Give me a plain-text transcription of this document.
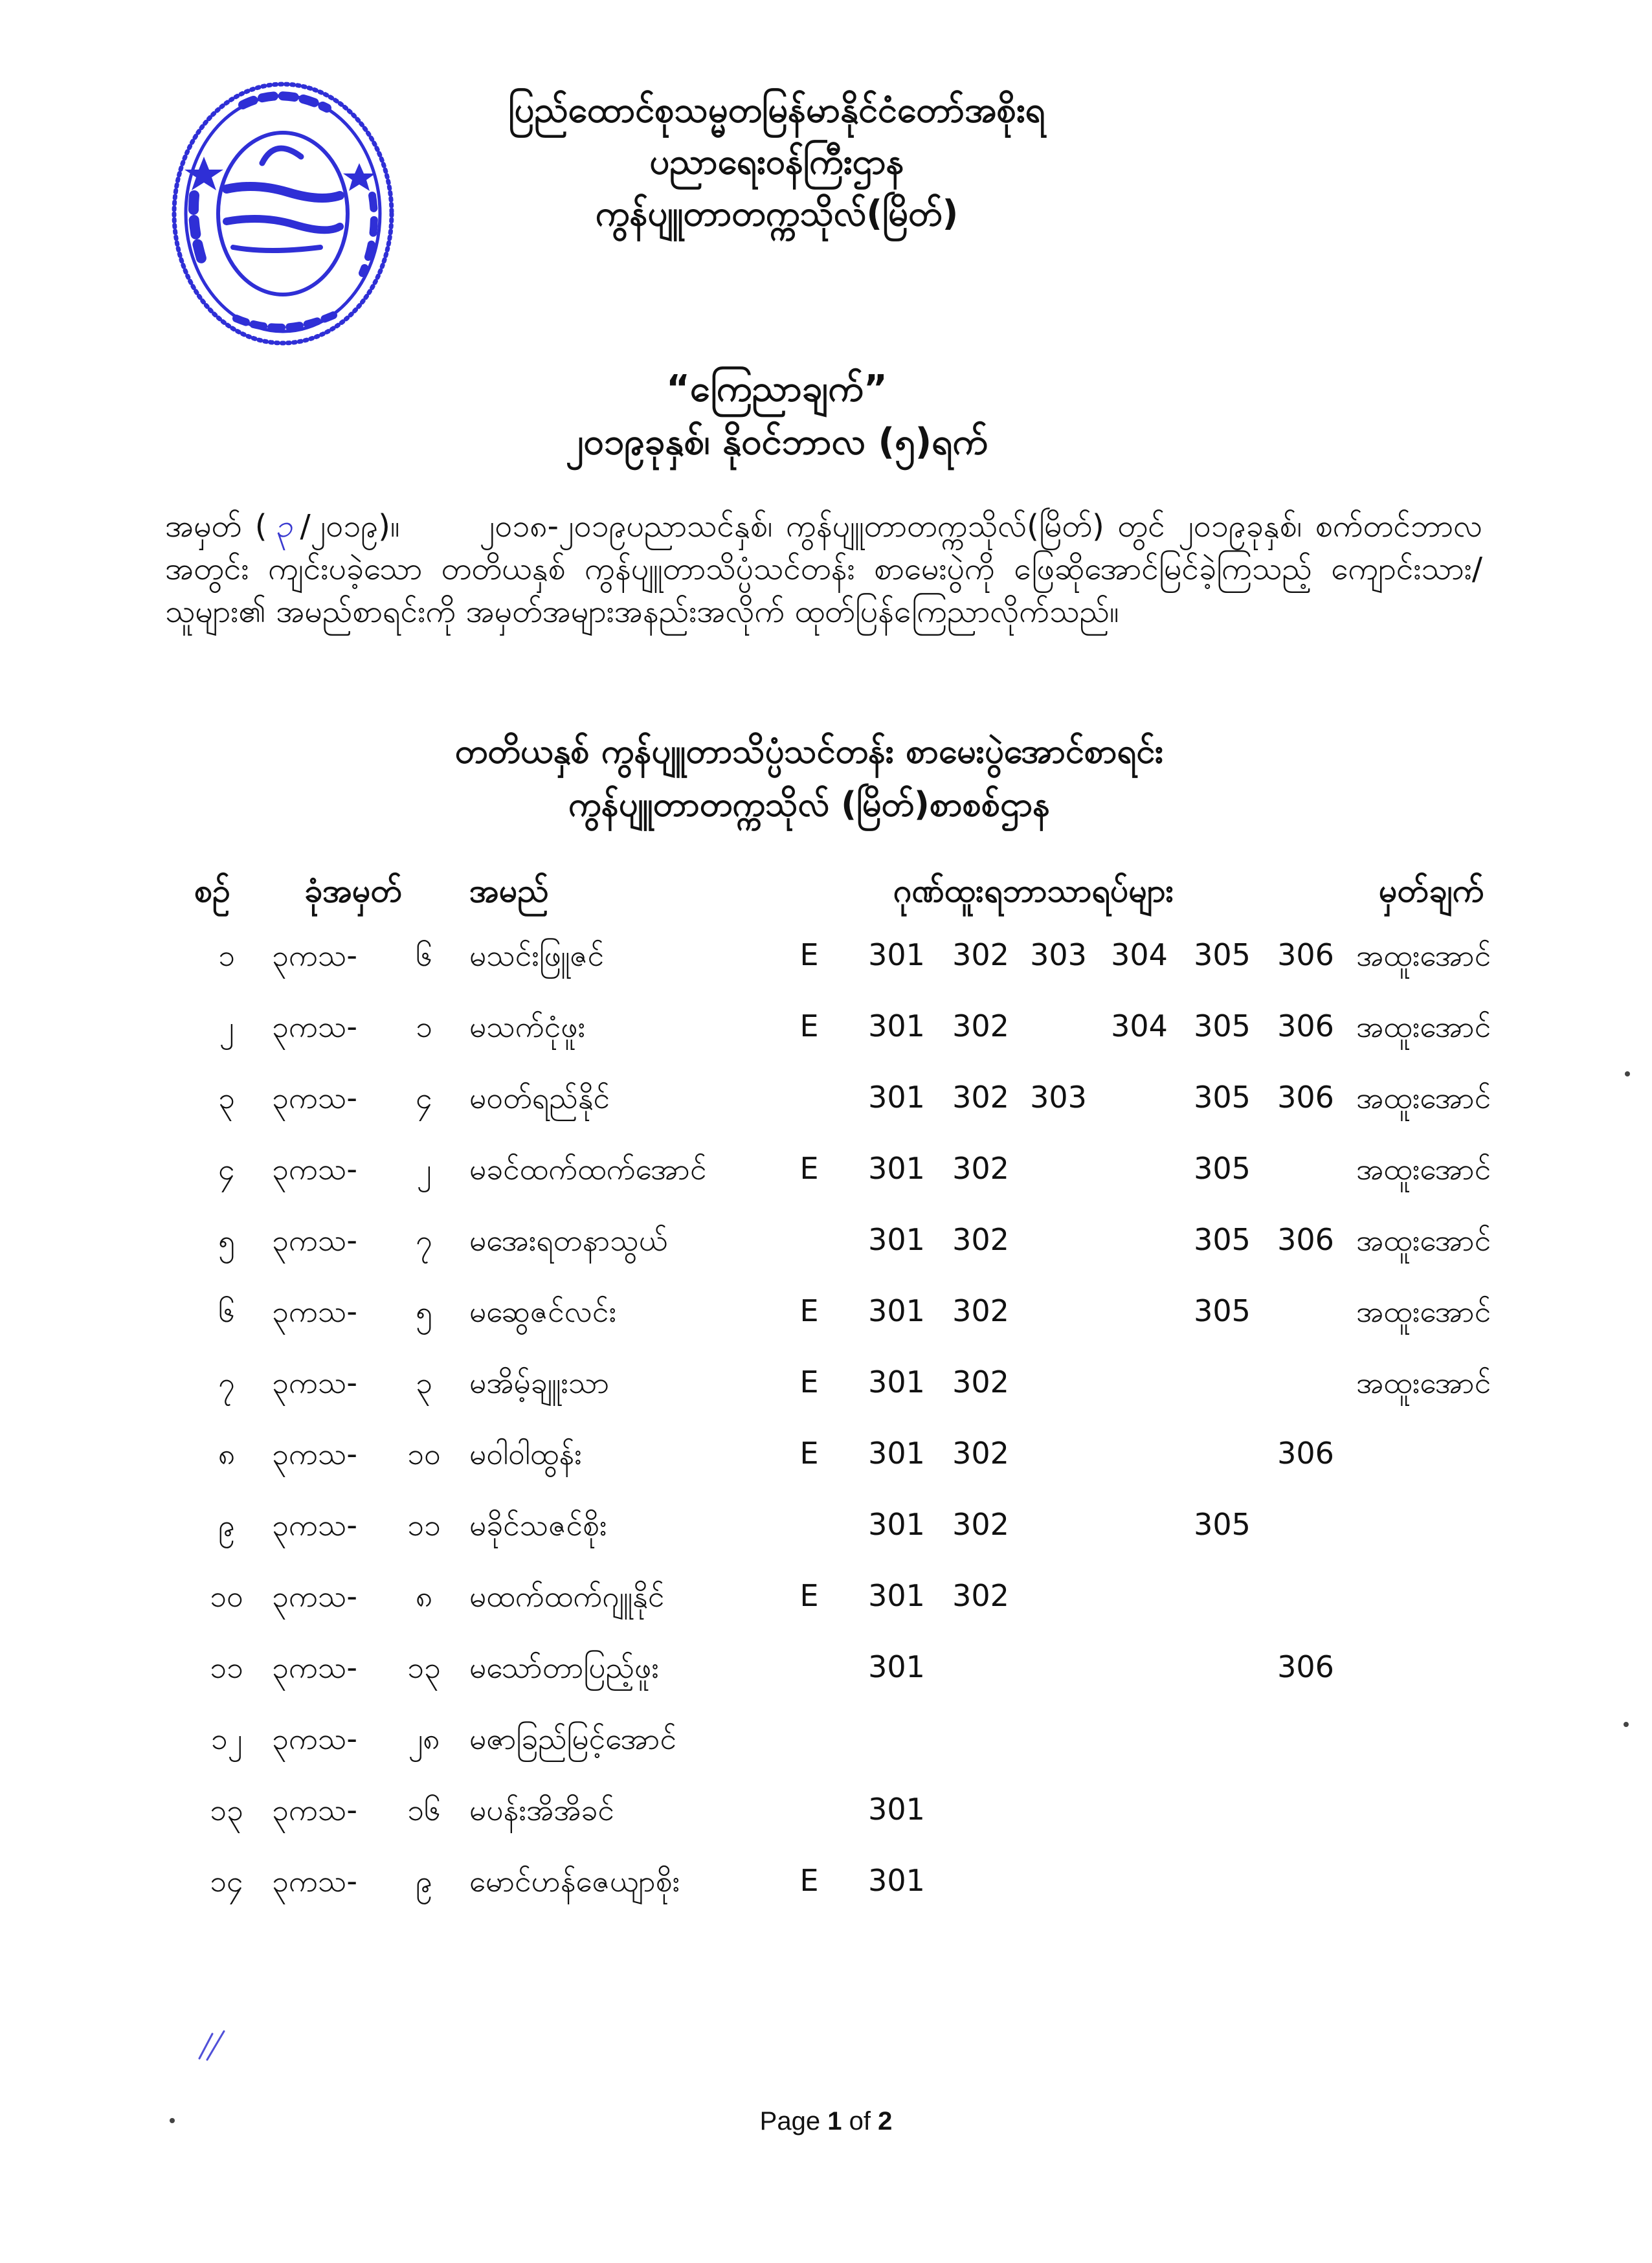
ပြည်ထောင်စုသမ္မတမြန်မာနိုင်ငံတော်အစိုးရ
ပညာရေးဝန်ကြီးဌာန
ကွန်ပျူတာတက္ကသိုလ်(မြိတ်)
“ကြေညာချက်”
၂၀၁၉ခုနှစ်၊ နိုဝင်ဘာလ (၅)ရက်
အမှတ် ( ၃ /၂၀၁၉)။	၂၀၁၈-၂၀၁၉ပညာသင်နှစ်၊ ကွန်ပျူတာတက္ကသိုလ်(မြိတ်) တွင် ၂၀၁၉ခုနှစ်၊ စက်တင်ဘာလအတွင်း ကျင်းပခဲ့သော တတိယနှစ် ကွန်ပျူတာသိပ္ပံသင်တန်း စာမေးပွဲကို ဖြေဆိုအောင်မြင်ခဲ့ကြသည့် ကျောင်းသား/သူများ၏ အမည်စာရင်းကို အမှတ်အများအနည်းအလိုက် ထုတ်ပြန်ကြေညာလိုက်သည်။
တတိယနှစ် ကွန်ပျူတာသိပ္ပံသင်တန်း စာမေးပွဲအောင်စာရင်း
ကွန်ပျူတာတက္ကသိုလ် (မြိတ်)စာစစ်ဌာန
စဉ် ခုံအမှတ် အမည်	ဂုဏ်ထူးရဘာသာရပ်များ	မှတ်ချက်
၁	၃ကသ-	၆	မသင်းဖြူဇင်	E 301 302 303 304 305 306 အထူးအောင်
၂	၃ကသ-	၁	မသက်ငုံဖူး	E 301 302	304 305 306 အထူးအောင်
၃	၃ကသ-	၄	မဝတ်ရည်နိုင်	301 302 303	305 306 အထူးအောင်
၄	၃ကသ-	၂	မခင်ထက်ထက်အောင်	E 301 302	305	အထူးအောင်
၅	၃ကသ-	၇	မအေးရတနာသွယ်	301 302	305 306 အထူးအောင်
၆	၃ကသ-	၅	မဆွေဇင်လင်း	E 301 302	305	အထူးအောင်
၇	၃ကသ-	၃	မအိမ့်ချူးသာ	E 301 302	အထူးအောင်
၈	၃ကသ-	၁၀ မဝါဝါထွန်း	E 301 302	306
၉	၃ကသ-	၁၁ မခိုင်သဇင်စိုး	301 302	305
၁၀ ၃ကသ-	၈	မထက်ထက်ဂျူနိုင်	E 301 302
၁၁ ၃ကသ-	၁၃ မသော်တာပြည့်ဖူး	301	306
၁၂ ၃ကသ-	၂၈ မဇာခြည်မြင့်အောင်
၁၃ ၃ကသ-	၁၆ မပန်းအိအိခင်	301
၁၄ ၃ကသ-	၉	မောင်ဟန်ဇေယျာစိုး	E 301
Page 1 of 2
